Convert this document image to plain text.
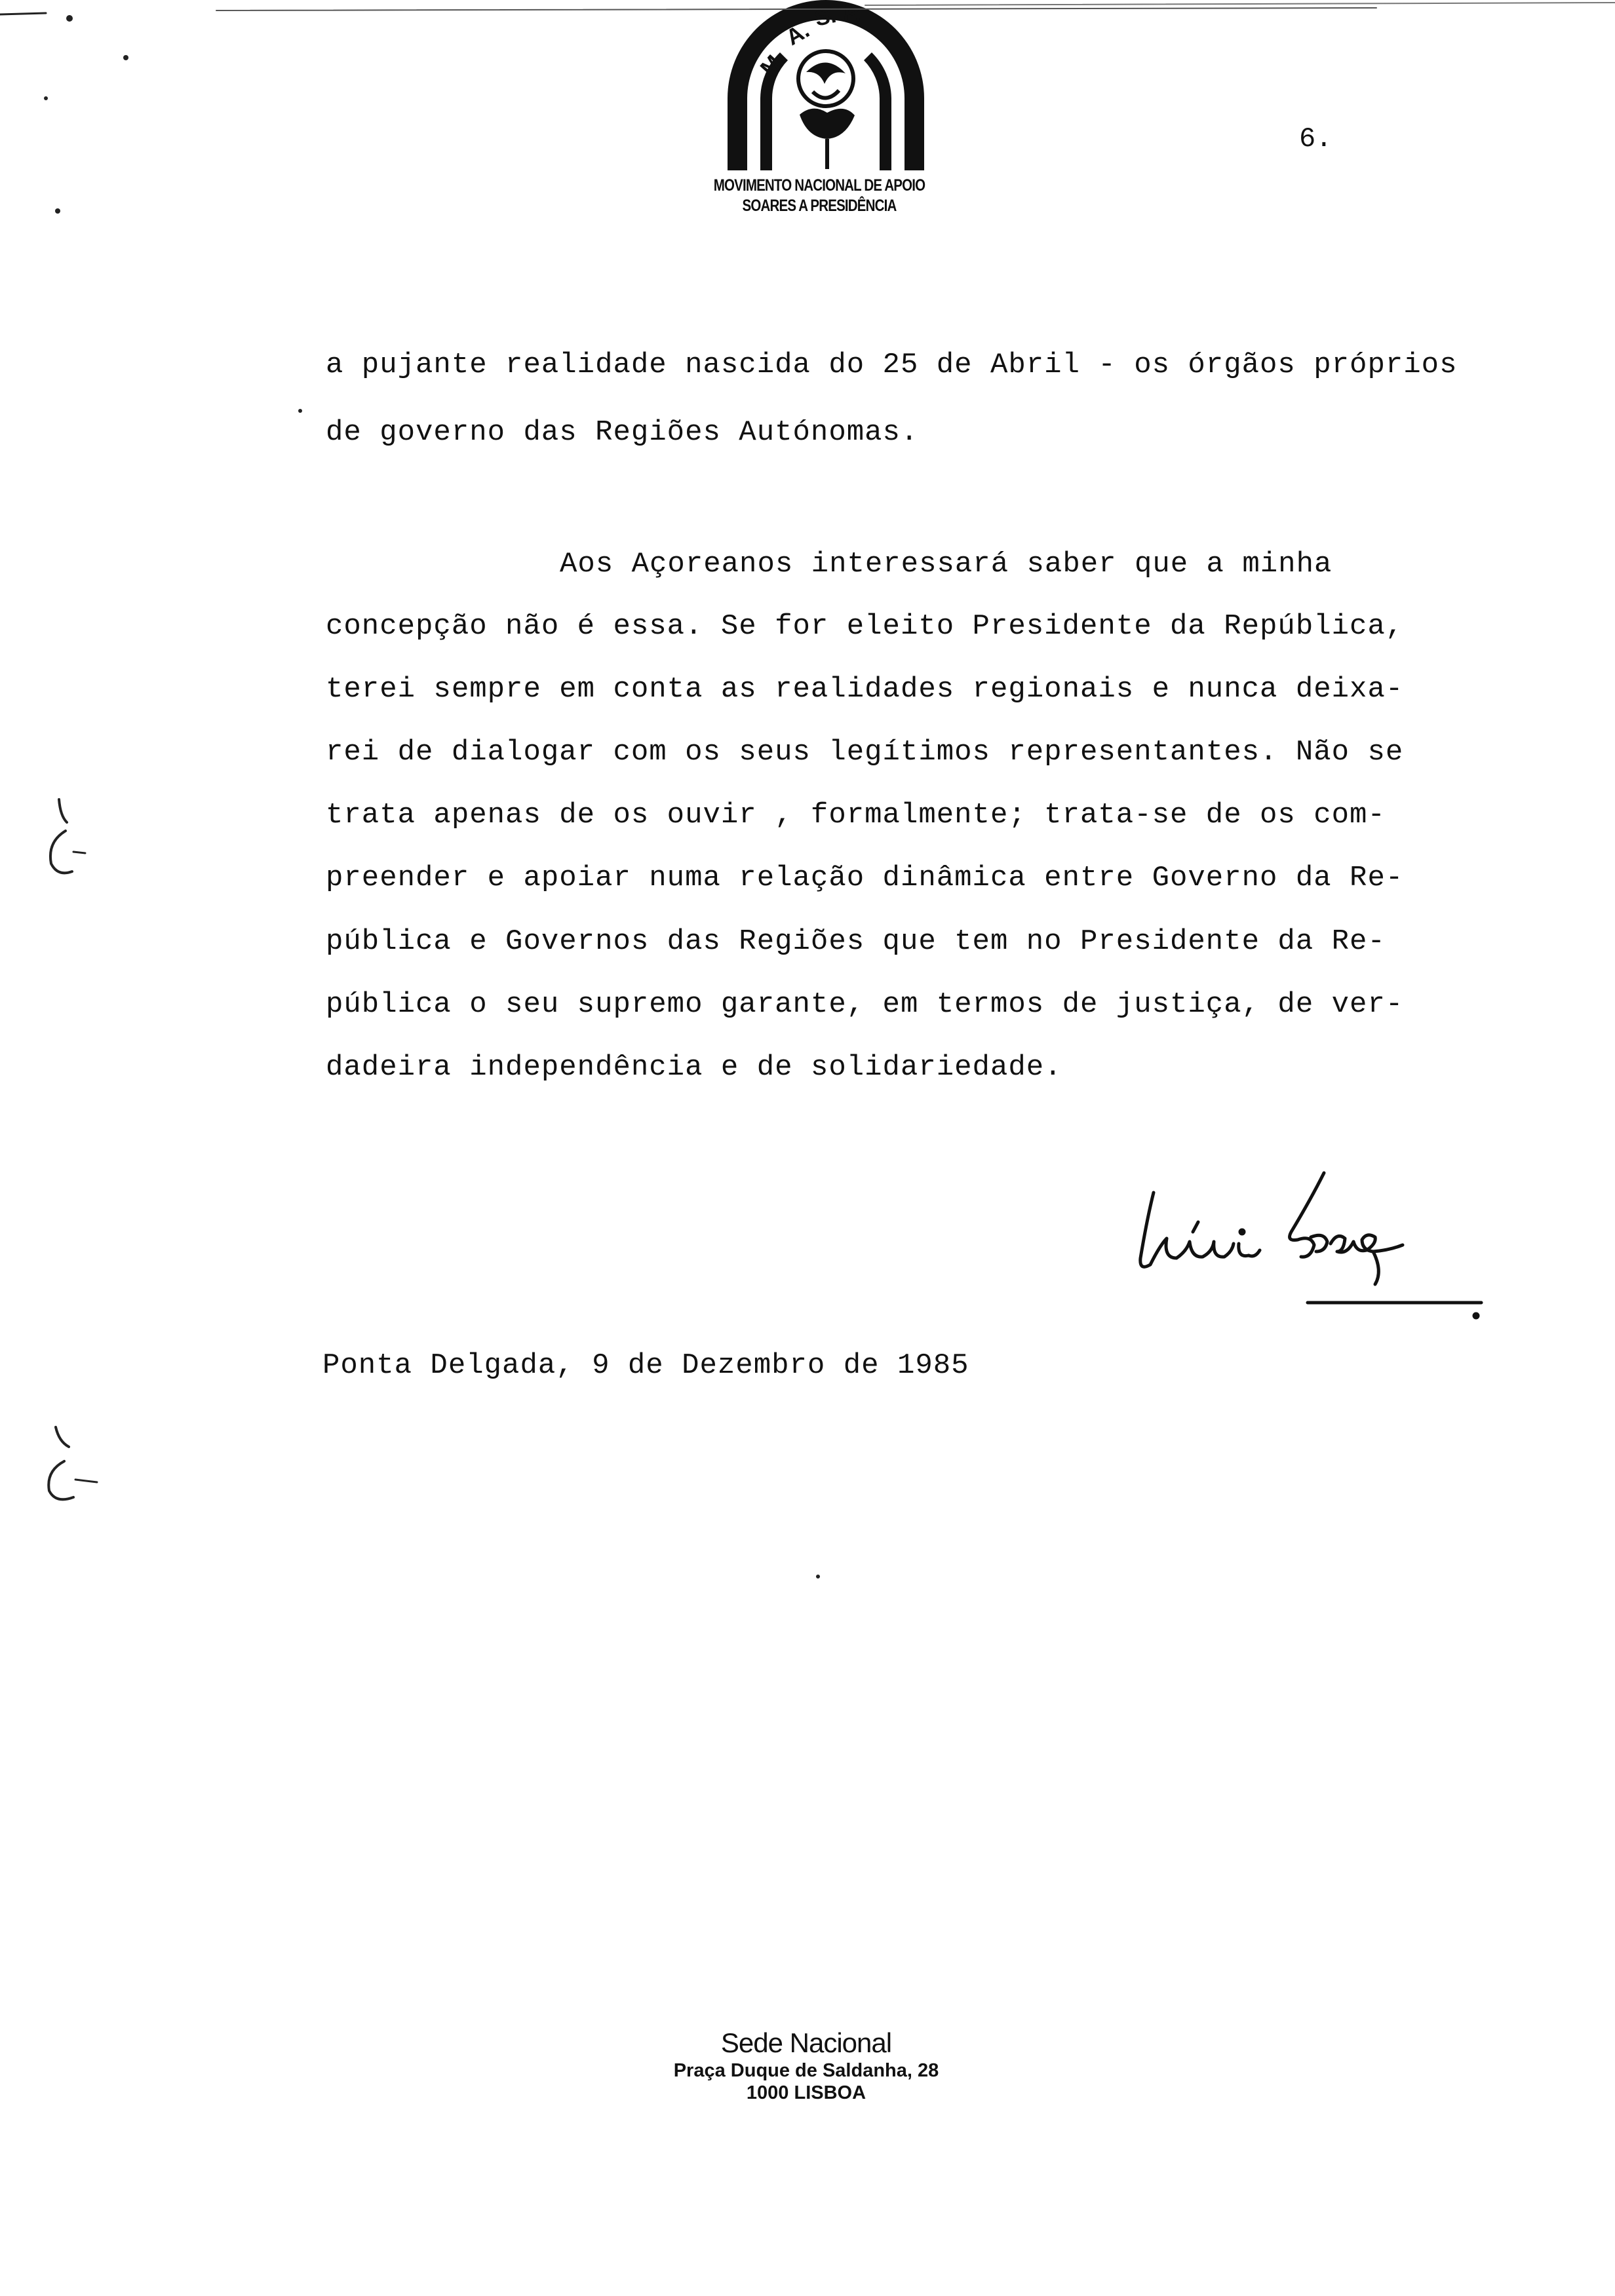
M.
A.
S. P.
MOVIMENTO NACIONAL DE APOIO
SOARES A PRESIDÊNCIA
6.
a pujante realidade nascida do 25 de Abril - os órgãos próprios
de governo das Regiões Autónomas.
Aos Açoreanos interessará saber que a minha
concepção não é essa. Se for eleito Presidente da República,
terei sempre em conta as realidades regionais e nunca deixa-
rei de dialogar com os seus legítimos representantes. Não se
trata apenas de os ouvir , formalmente; trata-se de os com-
preender e apoiar numa relação dinâmica entre Governo da Re-
pública e Governos das Regiões que tem no Presidente da Re-
pública o seu supremo garante, em termos de justiça, de ver-
dadeira independência e de solidariedade.
Ponta Delgada, 9 de Dezembro de 1985
Sede Nacional
Praça Duque de Saldanha, 28
1000 LISBOA
